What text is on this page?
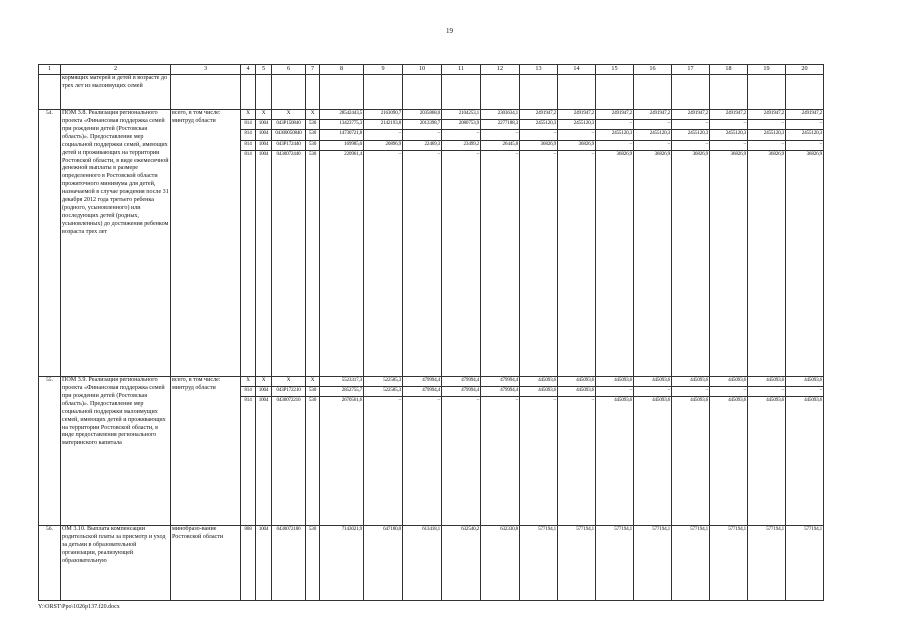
19
1	2	3	4	5	6	7	8	9	10	11	12	13	14	15	16	17	18	19	20
	кормящих матерей и детей в возрасте до трех лет из малоимущих семей																		
54.	ПОМ 3.8. Реализация регионального проекта «Финансовая поддержка семей при рождении детей (Ростовская область)». Предоставление мер социальной поддержки семей, имеющих детей и проживающих на территории Ростовской области, в виде ежемесячной денежной выплаты в размере определенного в Ростовской области прожиточного минимума для детей, назначаемой в случае рождения после 31 декабря 2012 года третьего ребенка (родного, усыновленного) или последующих детей (родных, усыновленных) до достижения ребенком возраста трех лет	всего, в том числе: минтруд области	X	X	X	X	28542443,5	2163090,7	2035868,0	2104253,1	2303634,1	2491947,2	2491947,2	2491947,2	2491947,2	2491947,2	2491947,2	2491947,2	2491947,2
			814	1004	043P150840	530	13423775,3	2142193,8	2013398,7	2080753,9	2277188,3	2455120,3	2455120,3	–	–	–	–	–	–
			814	1004	04300050840	530	14730721,8	–	–	–	–	–	–	2455120,3	2455120,3	2455120,3	2455120,3	2455120,3	2455120,3
			814	1004	043P172440	530	169985,0	20896,9	22469,3	23499,2	26445,8	36826,9	36826,9	–	–	–	–	–	–
			814	1004	0430072440	530	220961,4	–	–	–	–	–	–	36826,9	36826,9	36826,9	36826,9	36826,9	36826,9
55.	ПОМ 3.9. Реализация регионального проекта «Финансовая поддержка семей при рождении детей (Ростовская область)». Предоставление мер социальной поддержки малоимущих семей, имеющих детей и проживающих на территории Ростовской области, в виде предоставления регионального материнского капитала	всего, в том числе: минтруд области	X	X	X	X	5523317,3	522585,3	479994,4	479994,4	479994,4	445093,6	445093,6	445093,6	445093,6	445093,6	445093,6	445093,6	445093,6
			814	1004	043P172210	530	2852755,7	522585,3	479994,4	479994,4	479994,4	445093,6	445093,6	–	–	–	–	–	–
			814	1004	0430072210	530	2670561,6	–	–	–	–	–	–	445093,6	445093,6	445093,6	445093,6	445093,6	445093,6
56.	ОМ 3.10. Выплата компенсации родительской платы за присмотр и уход за детьми в образовательной организации, реализующей образовательную	минобразо-вание Ростовской области	808	1004	0430072180	530	7143021,9	647180,0	613418,1	632540,2	632330,8	577194,1	577194,1	577194,1	577194,1	577194,1	577194,1	577194,1	577194,1
Y:\ORST\Ppo\1026p137.f20.docx
